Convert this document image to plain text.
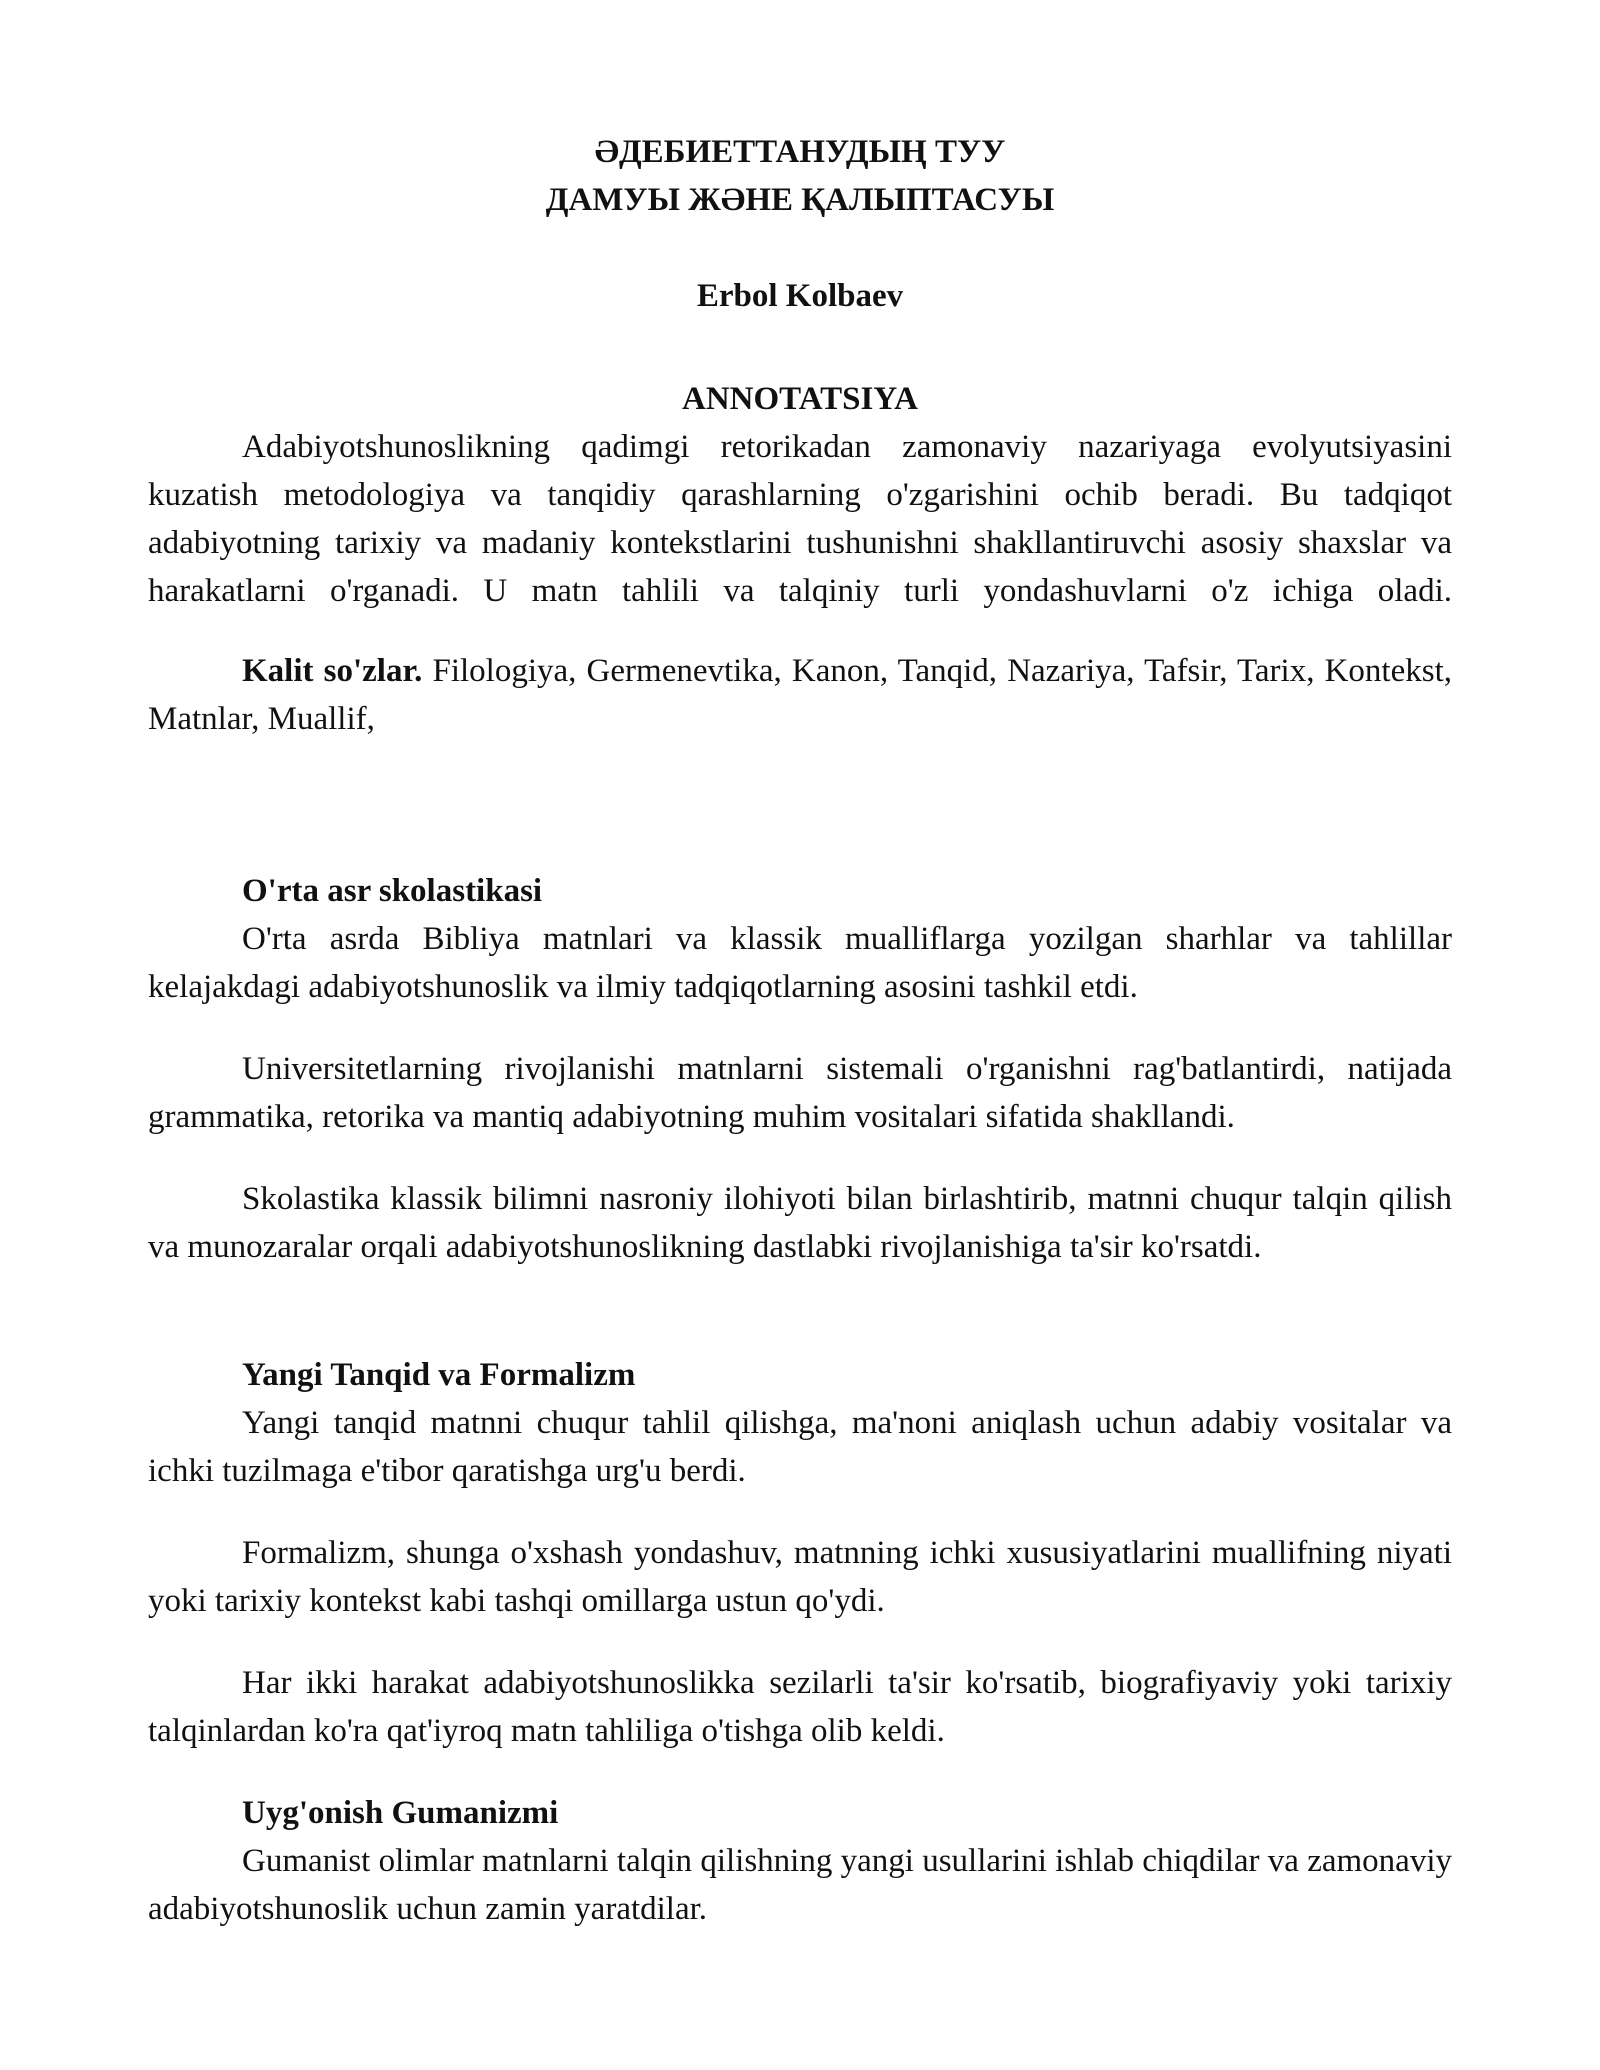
ӘДЕБИЕТТАНУДЫҢ ТУУ
ДАМУЫ ЖӘНЕ ҚАЛЫПТАСУЫ
Erbol Kolbaev
ANNOTATSIYA

Adabiyotshunoslikning qadimgi retorikadan zamonaviy nazariyaga evolyutsiyasini kuzatish metodologiya va tanqidiy qarashlarning o'zgarishini ochib beradi. Bu tadqiqot adabiyotning tarixiy va madaniy kontekstlarini tushunishni shakllantiruvchi asosiy shaxslar va harakatlarni o'rganadi. U matn tahlili va talqiniy turli yondashuvlarni o'z ichiga oladi.

Kalit so'zlar. Filologiya, Germenevtika, Kanon, Tanqid, Nazariya, Tafsir, Tarix, Kontekst, Matnlar, Muallif,

O'rta asr skolastikasi

O'rta asrda Bibliya matnlari va klassik mualliflarga yozilgan sharhlar va tahlillar kelajakdagi adabiyotshunoslik va ilmiy tadqiqotlarning asosini tashkil etdi.

Universitetlarning rivojlanishi matnlarni sistemali o'rganishni rag'batlantirdi, natijada grammatika, retorika va mantiq adabiyotning muhim vositalari sifatida shakllandi.

Skolastika klassik bilimni nasroniy ilohiyoti bilan birlashtirib, matnni chuqur talqin qilish va munozaralar orqali adabiyotshunoslikning dastlabki rivojlanishiga ta'sir ko'rsatdi.

Yangi Tanqid va Formalizm

Yangi tanqid matnni chuqur tahlil qilishga, ma'noni aniqlash uchun adabiy vositalar va ichki tuzilmaga e'tibor qaratishga urg'u berdi.

Formalizm, shunga o'xshash yondashuv, matnning ichki xususiyatlarini muallifning niyati yoki tarixiy kontekst kabi tashqi omillarga ustun qo'ydi.

Har ikki harakat adabiyotshunoslikka sezilarli ta'sir ko'rsatib, biografiyaviy yoki tarixiy talqinlardan ko'ra qat'iyroq matn tahliliga o'tishga olib keldi.

Uyg'onish Gumanizmi

Gumanist olimlar matnlarni talqin qilishning yangi usullarini ishlab chiqdilar va zamonaviy adabiyotshunoslik uchun zamin yaratdilar.
